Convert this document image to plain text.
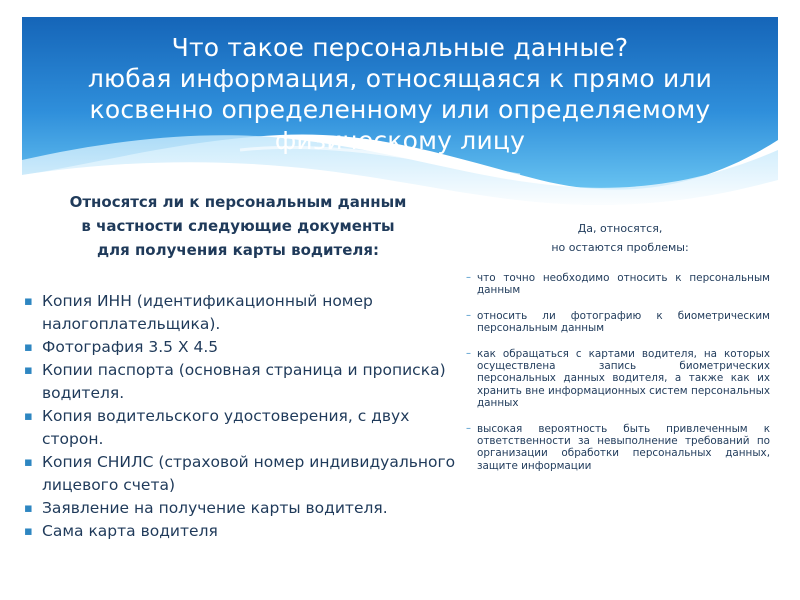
Что такое персональные данные?
любая информация, относящаяся к прямо или
косвенно определенному или определяемому
физическому лицу
Относятся ли к персональным данным
в частности следующие документы
для получения карты водителя:
▪ Копия ИНН (идентификационный номер налогоплательщика).
▪ Фотография 3.5 Х 4.5
▪ Копии паспорта (основная страница и прописка) водителя.
▪ Копия водительского удостоверения, с двух сторон.
▪ Копия СНИЛС (страховой номер индивидуального лицевого счета)
▪ Заявление на получение карты водителя.
▪ Сама карта водителя
Да, относятся,
но остаются проблемы:
– что точно необходимо относить к персональным данным
– относить ли фотографию к биометрическим персональным данным
– как обращаться с картами водителя, на которых осуществлена запись биометрических персональных данных водителя, а также как их хранить вне информационных систем персональных данных
– высокая вероятность быть привлеченным к ответственности за невыполнение требований по организации обработки персональных данных, защите информации
